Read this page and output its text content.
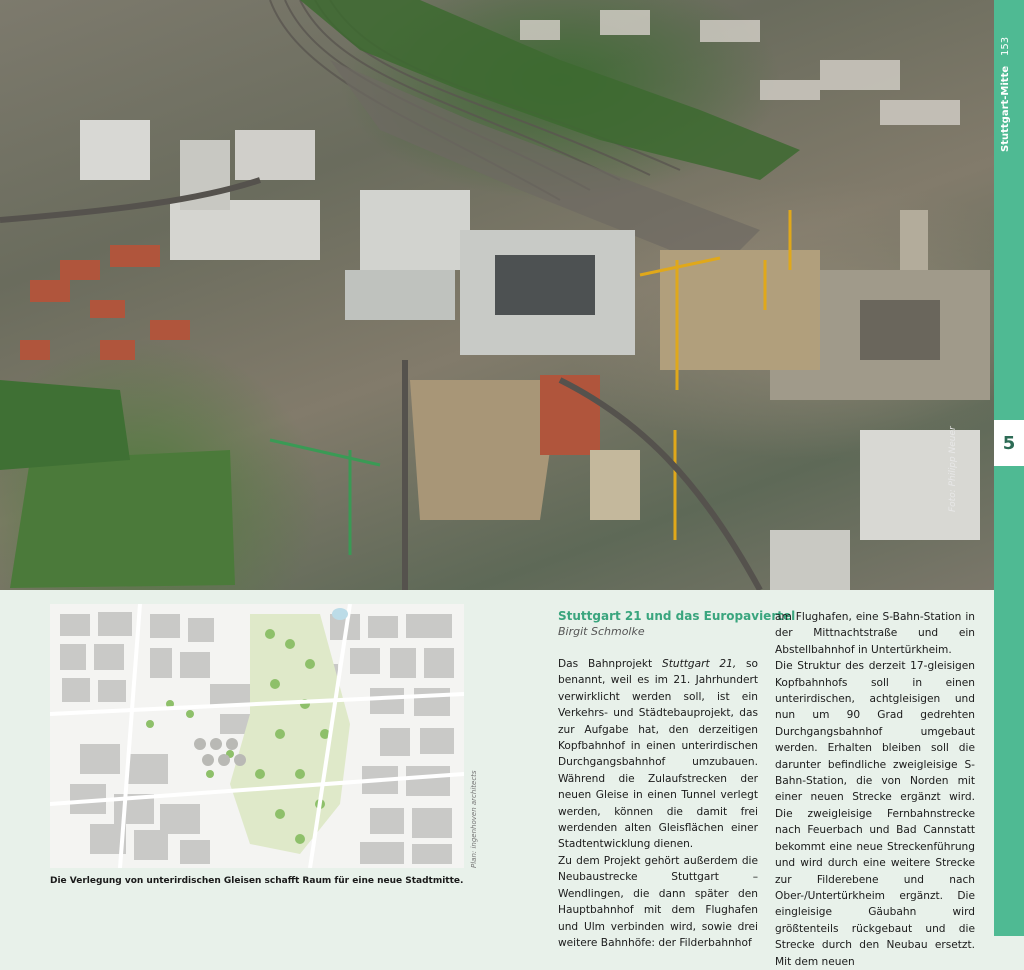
Foto: Philipp Neuer
153
Stuttgart-Mitte
5
Plan: ingenhoven architects
Die Verlegung von unterirdischen Gleisen schafft Raum für eine neue Stadtmitte.
Stuttgart 21 und das Europaviertel
Birgit Schmolke

Das Bahnprojekt Stuttgart 21, so benannt, weil es im 21. Jahrhundert verwirklicht werden soll, ist ein Verkehrs- und Städtebauprojekt, das zur Aufgabe hat, den derzeitigen Kopfbahnhof in einen unterirdischen Durchgangsbahnhof umzubauen. Während die Zulaufstrecken der neuen Gleise in einen Tunnel verlegt werden, können die damit frei werdenden alten Gleisflächen einer Stadtentwicklung dienen.

Zu dem Projekt gehört außerdem die Neubaustrecke Stuttgart – Wendlingen, die dann später den Hauptbahnhof mit dem Flughafen und Ulm verbinden wird, sowie drei weitere Bahnhöfe: der Filderbahnhof

am Flughafen, eine S-Bahn-Station in der Mittnachtstraße und ein Abstellbahnhof in Untertürkheim.

Die Struktur des derzeit 17-gleisigen Kopfbahnhofs soll in einen unterirdischen, achtgleisigen und nun um 90 Grad gedrehten Durchgangsbahnhof umgebaut werden. Erhalten bleiben soll die darunter befindliche zweigleisige S-Bahn-Station, die von Norden mit einer neuen Strecke ergänzt wird. Die zweigleisige Fernbahnstrecke nach Feuerbach und Bad Cannstatt bekommt eine neue Streckenführung und wird durch eine weitere Strecke zur Filderebene und nach Ober-/Untertürkheim ergänzt. Die eingleisige Gäubahn wird größtenteils rückgebaut und die Strecke durch den Neubau ersetzt. Mit dem neuen
